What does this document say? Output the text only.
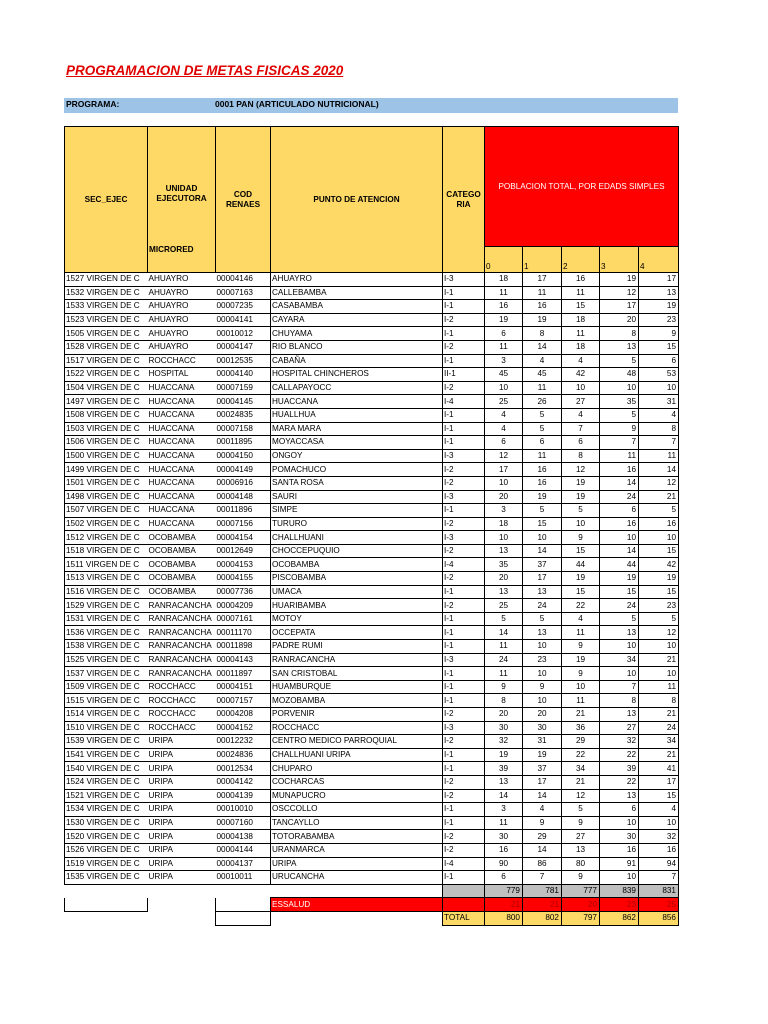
PROGRAMACION DE METAS FISICAS 2020
PROGRAMA:	0001 PAN (ARTICULADO NUTRICIONAL)
SEC_EJEC	UNIDAD EJECUTORA
MICRORED	COD RENAES	PUNTO DE ATENCION	CATEGO RIA	POBLACION TOTAL, POR EDADS SIMPLES				
					0	1	2	3	4
1527 VIRGEN DE C	AHUAYRO	00004146	AHUAYRO	I-3	18	17	16	19	17
1532 VIRGEN DE C	AHUAYRO	00007163	CALLEBAMBA	I-1	11	11	11	12	13
1533 VIRGEN DE C	AHUAYRO	00007235	CASABAMBA	I-1	16	16	15	17	19
1523 VIRGEN DE C	AHUAYRO	00004141	CAYARA	I-2	19	19	18	20	23
1505 VIRGEN DE C	AHUAYRO	00010012	CHUYAMA	I-1	6	8	11	8	9
1528 VIRGEN DE C	AHUAYRO	00004147	RIO BLANCO	I-2	11	14	18	13	15
1517 VIRGEN DE C	ROCCHACC	00012535	CABAÑA	I-1	3	4	4	5	6
1522 VIRGEN DE C	HOSPITAL	00004140	HOSPITAL CHINCHEROS	II-1	45	45	42	48	53
1504 VIRGEN DE C	HUACCANA	00007159	CALLAPAYOCC	I-2	10	11	10	10	10
1497 VIRGEN DE C	HUACCANA	00004145	HUACCANA	I-4	25	26	27	35	31
1508 VIRGEN DE C	HUACCANA	00024835	HUALLHUA	I-1	4	5	4	5	4
1503 VIRGEN DE C	HUACCANA	00007158	MARA MARA	I-1	4	5	7	9	8
1506 VIRGEN DE C	HUACCANA	00011895	MOYACCASA	I-1	6	6	6	7	7
1500 VIRGEN DE C	HUACCANA	00004150	ONGOY	I-3	12	11	8	11	11
1499 VIRGEN DE C	HUACCANA	00004149	POMACHUCO	I-2	17	16	12	16	14
1501 VIRGEN DE C	HUACCANA	00006916	SANTA ROSA	I-2	10	16	19	14	12
1498 VIRGEN DE C	HUACCANA	00004148	SAURI	I-3	20	19	19	24	21
1507 VIRGEN DE C	HUACCANA	00011896	SIMPE	I-1	3	5	5	6	5
1502 VIRGEN DE C	HUACCANA	00007156	TURURO	I-2	18	15	10	16	16
1512 VIRGEN DE C	OCOBAMBA	00004154	CHALLHUANI	I-3	10	10	9	10	10
1518 VIRGEN DE C	OCOBAMBA	00012649	CHOCCEPUQUIO	I-2	13	14	15	14	15
1511 VIRGEN DE C	OCOBAMBA	00004153	OCOBAMBA	I-4	35	37	44	44	42
1513 VIRGEN DE C	OCOBAMBA	00004155	PISCOBAMBA	I-2	20	17	19	19	19
1516 VIRGEN DE C	OCOBAMBA	00007736	UMACA	I-1	13	13	15	15	15
1529 VIRGEN DE C	RANRACANCHA	00004209	HUARIBAMBA	I-2	25	24	22	24	23
1531 VIRGEN DE C	RANRACANCHA	00007161	MOTOY	I-1	5	5	4	5	5
1536 VIRGEN DE C	RANRACANCHA	00011170	OCCEPATA	I-1	14	13	11	13	12
1538 VIRGEN DE C	RANRACANCHA	00011898	PADRE RUMI	I-1	11	10	9	10	10
1525 VIRGEN DE C	RANRACANCHA	00004143	RANRACANCHA	I-3	24	23	19	34	21
1537 VIRGEN DE C	RANRACANCHA	00011897	SAN CRISTOBAL	I-1	11	10	9	10	10
1509 VIRGEN DE C	ROCCHACC	00004151	HUAMBURQUE	I-1	9	9	10	7	11
1515 VIRGEN DE C	ROCCHACC	00007157	MOZOBAMBA	I-1	8	10	11	8	8
1514 VIRGEN DE C	ROCCHACC	00004208	PORVENIR	I-2	20	20	21	13	21
1510 VIRGEN DE C	ROCCHACC	00004152	ROCCHACC	I-3	30	30	36	27	24
1539 VIRGEN DE C	URIPA	00012232	CENTRO MEDICO PARROQUIAL	I-2	32	31	29	32	34
1541 VIRGEN DE C	URIPA	00024836	CHALLHUANI URIPA	I-1	19	19	22	22	21
1540 VIRGEN DE C	URIPA	00012534	CHUPARO	I-1	39	37	34	39	41
1524 VIRGEN DE C	URIPA	00004142	COCHARCAS	I-2	13	17	21	22	17
1521 VIRGEN DE C	URIPA	00004139	MUNAPUCRO	I-2	14	14	12	13	15
1534 VIRGEN DE C	URIPA	00010010	OSCCOLLO	I-1	3	4	5	6	4
1530 VIRGEN DE C	URIPA	00007160	TANCAYLLO	I-1	11	9	9	10	10
1520 VIRGEN DE C	URIPA	00004138	TOTORABAMBA	I-2	30	29	27	30	32
1526 VIRGEN DE C	URIPA	00004144	URANMARCA	I-2	16	14	13	16	16
1519 VIRGEN DE C	URIPA	00004137	URIPA	I-4	90	86	80	91	94
1535 VIRGEN DE C	URIPA	00010011	URUCANCHA	I-1	6	7	9	10	7
					779	781	777	839	831
			ESSALUD		21	21	20	23	25
				TOTAL	800	802	797	862	856
